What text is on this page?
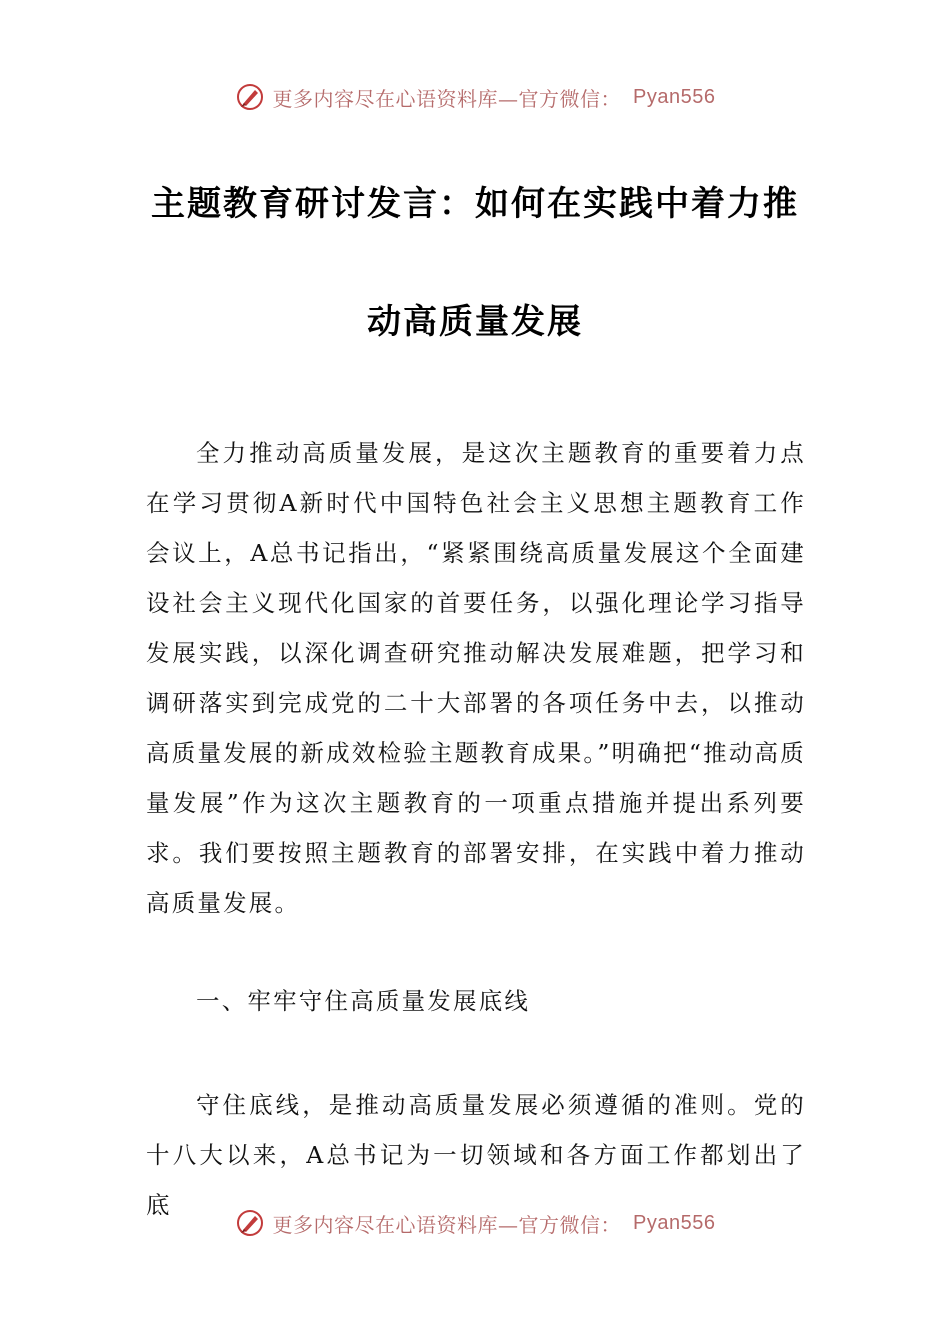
更多内容尽在心语资料库—官方微信： Pyan556
主题教育研讨发言：如何在实践中着力推
动高质量发展

全力推动高质量发展，是这次主题教育的重要着力点在学习贯彻A新时代中国特色社会主义思想主题教育工作会议上，A总书记指出，“紧紧围绕高质量发展这个全面建设社会主义现代化国家的首要任务，以强化理论学习指导发展实践，以深化调查研究推动解决发展难题，把学习和调研落实到完成党的二十大部署的各项任务中去，以推动高质量发展的新成效检验主题教育成果。”明确把“推动高质量发展”作为这次主题教育的一项重点措施并提出系列要求。我们要按照主题教育的部署安排，在实践中着力推动高质量发展。

一、牢牢守住高质量发展底线

守住底线，是推动高质量发展必须遵循的准则。党的十八大以来，A总书记为一切领域和各方面工作都划出了底

更多内容尽在心语资料库—官方微信： Pyan556
